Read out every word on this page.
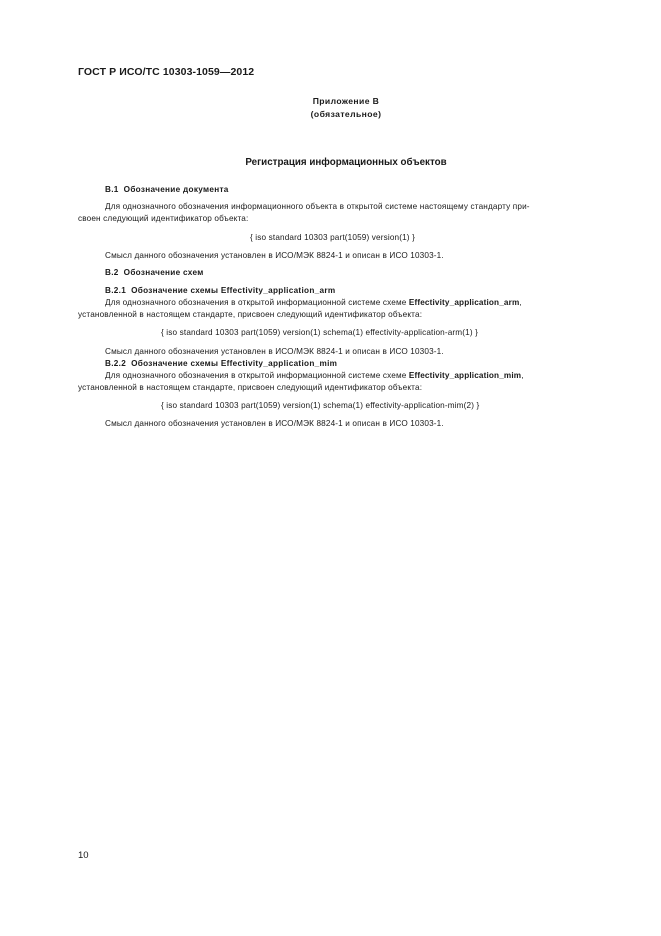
ГОСТ Р ИСО/ТС 10303-1059—2012
Приложение В
(обязательное)
Регистрация информационных объектов
В.1 Обозначение документа
Для однозначного обозначения информационного объекта в открытой системе настоящему стандарту при-
своен следующий идентификатор объекта:
{ iso standard 10303 part(1059) version(1) }
Смысл данного обозначения установлен в ИСО/МЭК 8824-1 и описан в ИСО 10303-1.
В.2 Обозначение схем
В.2.1 Обозначение схемы Effectivity_application_arm
Для однозначного обозначения в открытой информационной системе схеме Effectivity_application_arm,
установленной в настоящем стандарте, присвоен следующий идентификатор объекта:
{ iso standard 10303 part(1059) version(1) schema(1) effectivity-application-arm(1) }
Смысл данного обозначения установлен в ИСО/МЭК 8824-1 и описан в ИСО 10303-1.
В.2.2 Обозначение схемы Effectivity_application_mim
Для однозначного обозначения в открытой информационной системе схеме Effectivity_application_mim,
установленной в настоящем стандарте, присвоен следующий идентификатор объекта:
{ iso standard 10303 part(1059) version(1) schema(1) effectivity-application-mim(2) }
Смысл данного обозначения установлен в ИСО/МЭК 8824-1 и описан в ИСО 10303-1.
10
